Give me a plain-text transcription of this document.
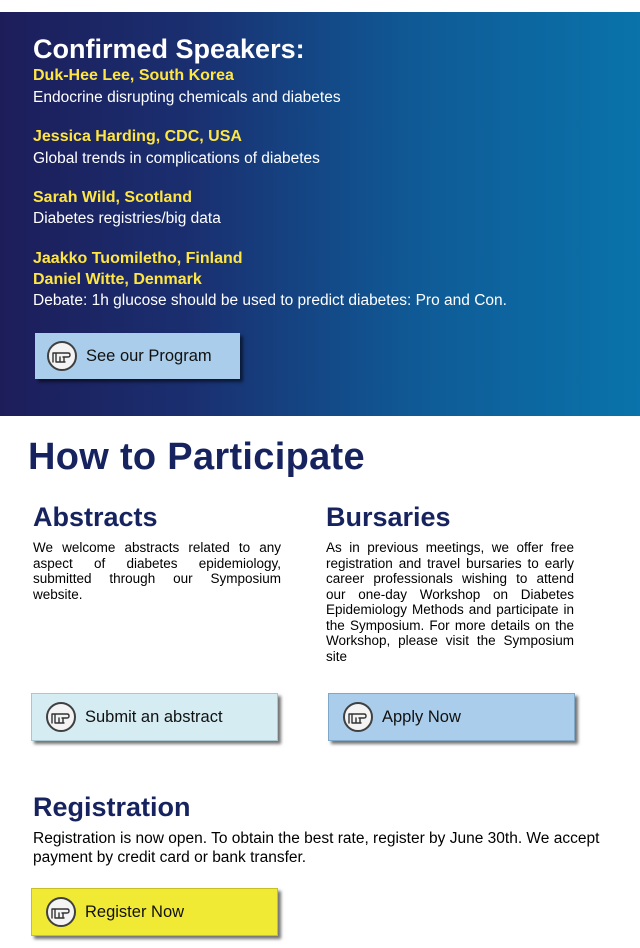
Confirmed Speakers:
Duk-Hee Lee, South Korea
Endocrine disrupting chemicals and diabetes
Jessica Harding, CDC, USA
Global trends in complications of diabetes
Sarah Wild, Scotland
Diabetes registries/big data
Jaakko Tuomiletho, Finland
Daniel Witte, Denmark
Debate: 1h glucose should be used to predict diabetes: Pro and Con.
See our Program
How to Participate
Abstracts

We welcome abstracts related to any aspect of diabetes epidemiology, submitted through our Symposium website.

Bursaries

As in previous meetings, we offer free registration and travel bursaries to early career professionals wishing to attend our one-day Workshop on Diabetes Epidemiology Methods and participate in the Symposium. For more details on the Workshop, please visit the Symposium site

Submit an abstract	Apply Now
Registration

Registration is now open. To obtain the best rate, register by June 30th. We accept payment by credit card or bank transfer.

Register Now
